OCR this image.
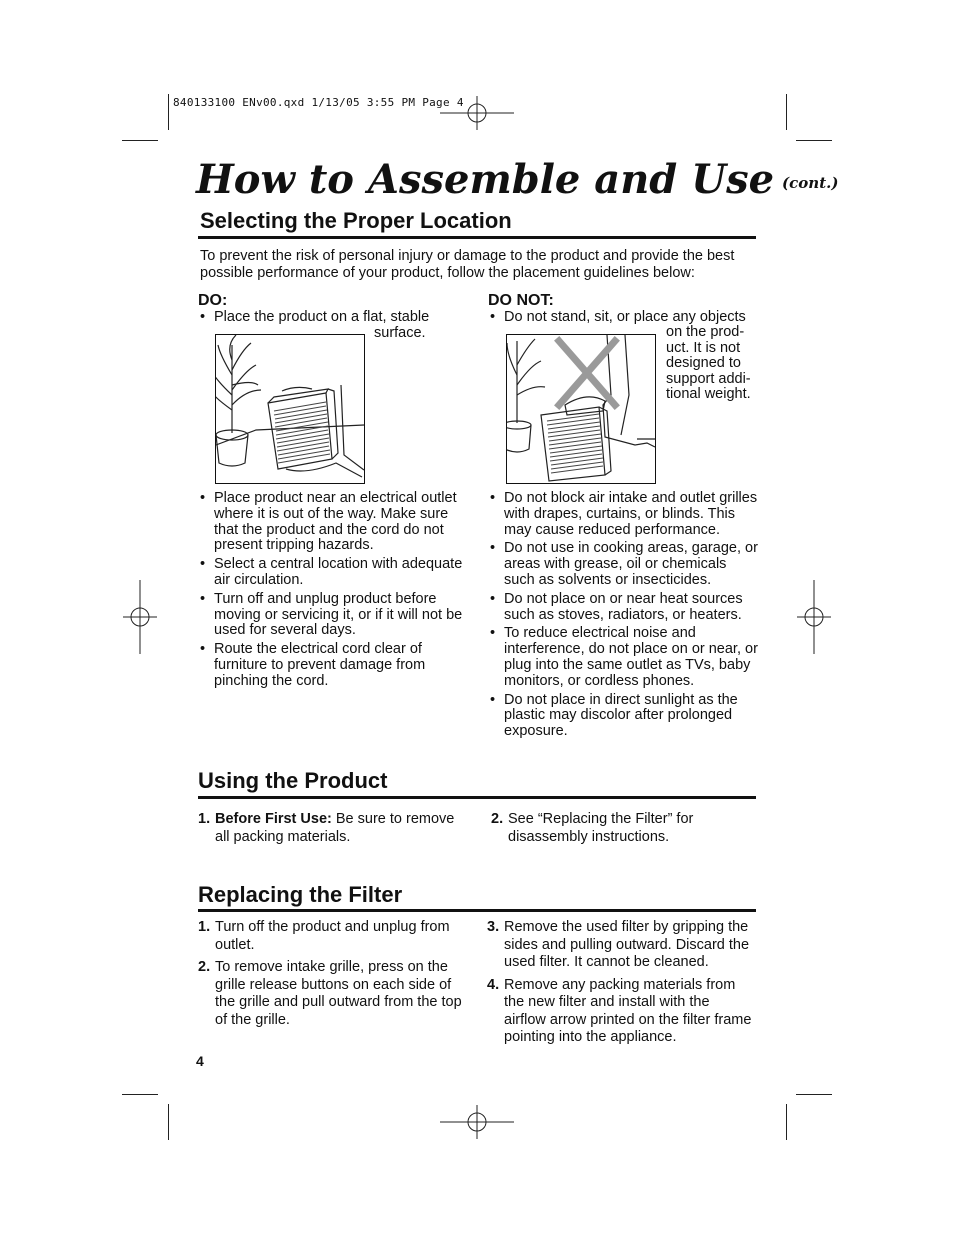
840133100 ENv00.qxd 1/13/05 3:55 PM Page 4
How to Assemble and Use (cont.)
Selecting the Proper Location
To prevent the risk of personal injury or damage to the product and provide the best possible performance of your product, follow the placement guidelines below:
DO:
• Place the product on a flat, stable
surface.
• Place product near an electrical outlet where it is out of the way. Make sure that the product and the cord do not present tripping hazards.
• Select a central location with adequate air circulation.
• Turn off and unplug product before moving or servicing it, or if it will not be used for several days.
• Route the electrical cord clear of furniture to prevent damage from pinching the cord.
DO NOT:
• Do not stand, sit, or place any objects
on the prod-
uct. It is not
designed to
support addi-
tional weight.
• Do not block air intake and outlet grilles with drapes, curtains, or blinds. This may cause reduced performance.
• Do not use in cooking areas, garage, or areas with grease, oil or chemicals such as solvents or insecticides.
• Do not place on or near heat sources such as stoves, radiators, or heaters.
• To reduce electrical noise and interference, do not place on or near, or plug into the same outlet as TVs, baby monitors, or cordless phones.
• Do not place in direct sunlight as the plastic may discolor after prolonged exposure.
Using the Product
1. Before First Use: Be sure to remove all packing materials.
2. See “Replacing the Filter” for disassembly instructions.
Replacing the Filter
1. Turn off the product and unplug from outlet.
2. To remove intake grille, press on the grille release buttons on each side of the grille and pull outward from the top of the grille.
3. Remove the used filter by gripping the sides and pulling outward. Discard the used filter. It cannot be cleaned.
4. Remove any packing materials from the new filter and install with the airflow arrow printed on the filter frame pointing into the appliance.
4
